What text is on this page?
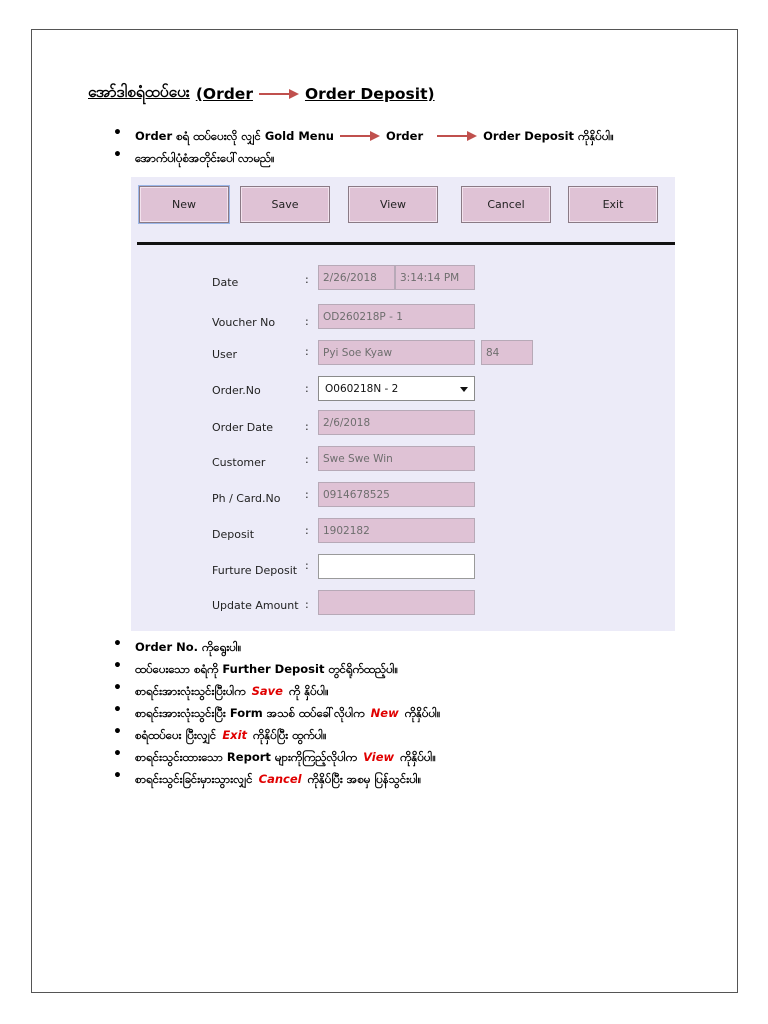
အော်ဒါစရံထပ်ပေး (Order	Order Deposit)
• Order စရံ ထပ်ပေးလို လျှင် Gold Menu	Order	Order Deposit ကိုနှိပ်ပါ။
• အောက်ပါပုံစံအတိုင်းပေါ်လာမည်။
New	Save	View	Cancel	Exit
Date	:	2/26/2018	3:14:14 PM
Voucher No	:	OD260218P - 1
User	:	Pyi Soe Kyaw	84
Order.No	: O060218N - 2
Order Date	:	2/6/2018
Customer	:	Swe Swe Win
Ph / Card.No :	0914678525
Deposit	:	1902182
Furture Deposit :
Update Amount :
• Order No. ကိုရွေးပါ။
• ထပ်ပေးသော စရံကို Further Deposit တွင်ရိုက်ထည့်ပါ။
• စာရင်းအားလုံးသွင်းပြီးပါက Save ကို နှိပ်ပါ။
• စာရင်းအားလုံးသွင်းပြီး Form အသစ် ထပ်ခေါ်လိုပါက New ကိုနှိပ်ပါ။
• စရံထပ်ပေး ပြီးလျှင် Exit ကိုနှိပ်ပြီး ထွက်ပါ။
• စာရင်းသွင်းထားသော Report များကိုကြည့်လိုပါက View ကိုနှိပ်ပါ။
• စာရင်းသွင်းခြင်းမှားသွားလျှင် Cancel ကိုနှိပ်ပြီး အစမှ ပြန်သွင်းပါ။
